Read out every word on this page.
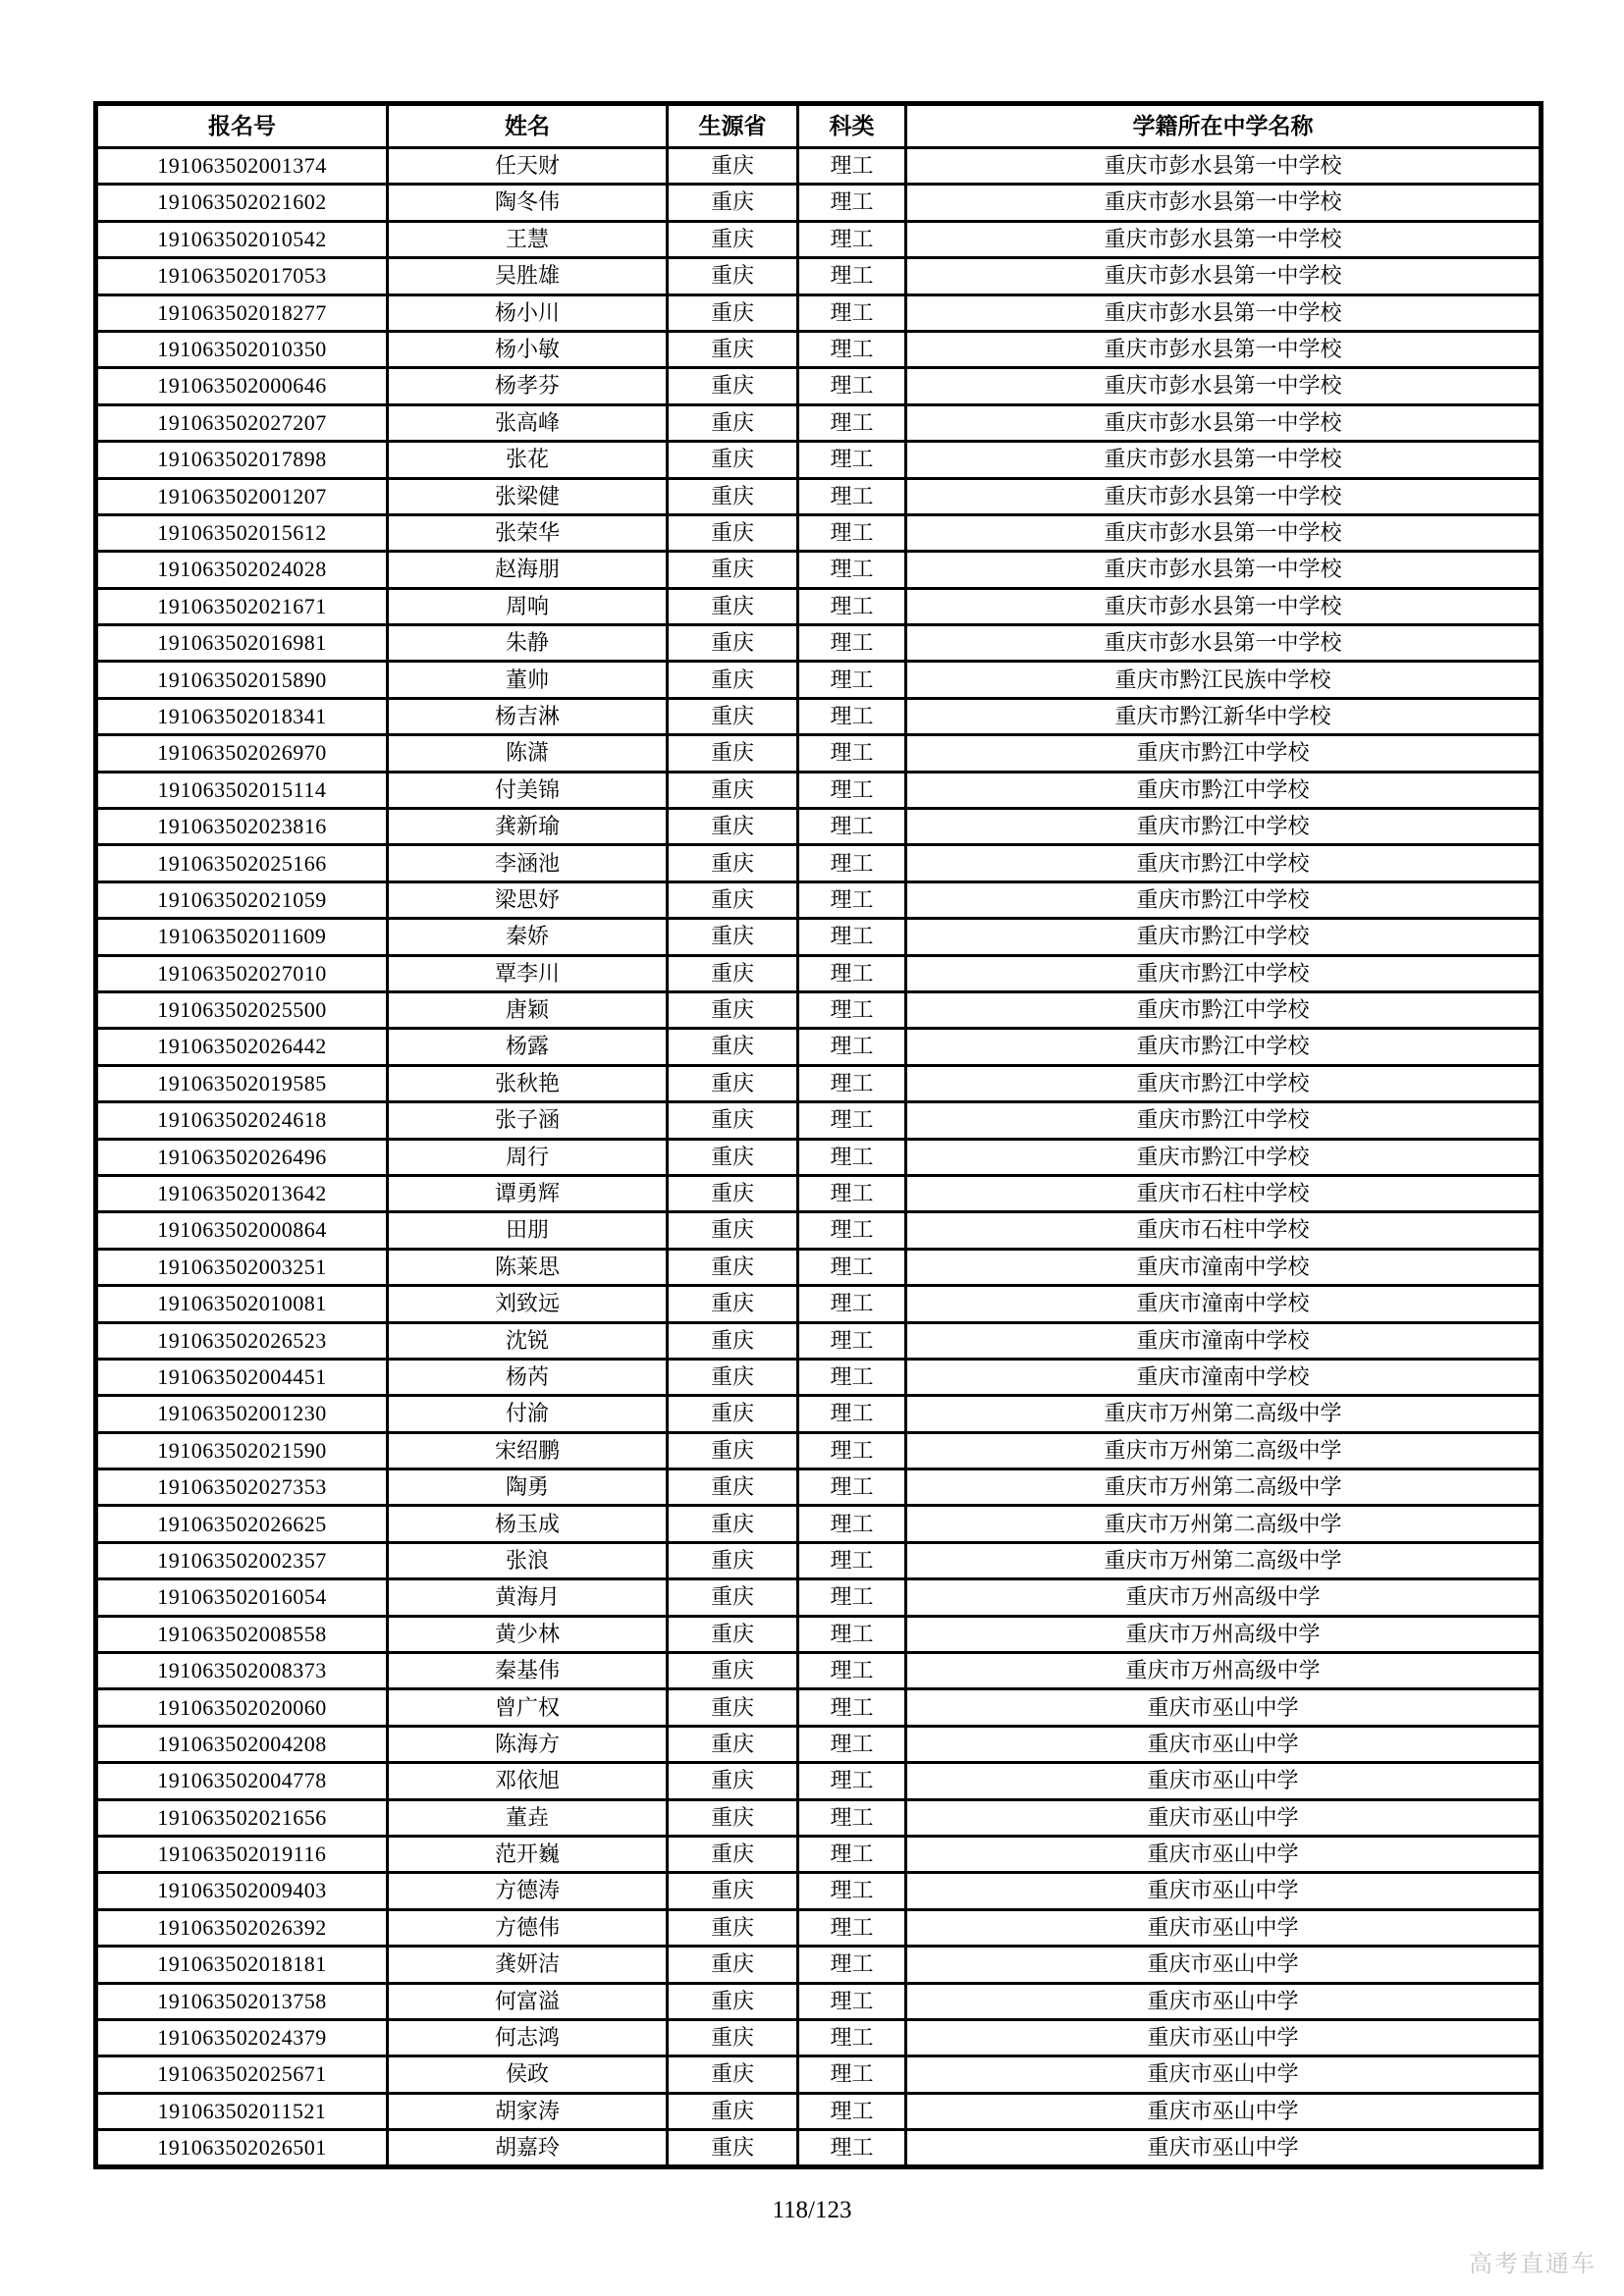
报名号	姓名	生源省	科类	学籍所在中学名称
191063502001374	任天财	重庆	理工	重庆市彭水县第一中学校
191063502021602	陶冬伟	重庆	理工	重庆市彭水县第一中学校
191063502010542	王慧	重庆	理工	重庆市彭水县第一中学校
191063502017053	吴胜雄	重庆	理工	重庆市彭水县第一中学校
191063502018277	杨小川	重庆	理工	重庆市彭水县第一中学校
191063502010350	杨小敏	重庆	理工	重庆市彭水县第一中学校
191063502000646	杨孝芬	重庆	理工	重庆市彭水县第一中学校
191063502027207	张高峰	重庆	理工	重庆市彭水县第一中学校
191063502017898	张花	重庆	理工	重庆市彭水县第一中学校
191063502001207	张梁健	重庆	理工	重庆市彭水县第一中学校
191063502015612	张荣华	重庆	理工	重庆市彭水县第一中学校
191063502024028	赵海朋	重庆	理工	重庆市彭水县第一中学校
191063502021671	周响	重庆	理工	重庆市彭水县第一中学校
191063502016981	朱静	重庆	理工	重庆市彭水县第一中学校
191063502015890	董帅	重庆	理工	重庆市黔江民族中学校
191063502018341	杨吉淋	重庆	理工	重庆市黔江新华中学校
191063502026970	陈潇	重庆	理工	重庆市黔江中学校
191063502015114	付美锦	重庆	理工	重庆市黔江中学校
191063502023816	龚新瑜	重庆	理工	重庆市黔江中学校
191063502025166	李涵池	重庆	理工	重庆市黔江中学校
191063502021059	梁思妤	重庆	理工	重庆市黔江中学校
191063502011609	秦娇	重庆	理工	重庆市黔江中学校
191063502027010	覃李川	重庆	理工	重庆市黔江中学校
191063502025500	唐颖	重庆	理工	重庆市黔江中学校
191063502026442	杨露	重庆	理工	重庆市黔江中学校
191063502019585	张秋艳	重庆	理工	重庆市黔江中学校
191063502024618	张子涵	重庆	理工	重庆市黔江中学校
191063502026496	周行	重庆	理工	重庆市黔江中学校
191063502013642	谭勇辉	重庆	理工	重庆市石柱中学校
191063502000864	田朋	重庆	理工	重庆市石柱中学校
191063502003251	陈莱思	重庆	理工	重庆市潼南中学校
191063502010081	刘致远	重庆	理工	重庆市潼南中学校
191063502026523	沈锐	重庆	理工	重庆市潼南中学校
191063502004451	杨芮	重庆	理工	重庆市潼南中学校
191063502001230	付渝	重庆	理工	重庆市万州第二高级中学
191063502021590	宋绍鹏	重庆	理工	重庆市万州第二高级中学
191063502027353	陶勇	重庆	理工	重庆市万州第二高级中学
191063502026625	杨玉成	重庆	理工	重庆市万州第二高级中学
191063502002357	张浪	重庆	理工	重庆市万州第二高级中学
191063502016054	黄海月	重庆	理工	重庆市万州高级中学
191063502008558	黄少林	重庆	理工	重庆市万州高级中学
191063502008373	秦基伟	重庆	理工	重庆市万州高级中学
191063502020060	曾广权	重庆	理工	重庆市巫山中学
191063502004208	陈海方	重庆	理工	重庆市巫山中学
191063502004778	邓依旭	重庆	理工	重庆市巫山中学
191063502021656	董垚	重庆	理工	重庆市巫山中学
191063502019116	范开巍	重庆	理工	重庆市巫山中学
191063502009403	方德涛	重庆	理工	重庆市巫山中学
191063502026392	方德伟	重庆	理工	重庆市巫山中学
191063502018181	龚妍洁	重庆	理工	重庆市巫山中学
191063502013758	何富溢	重庆	理工	重庆市巫山中学
191063502024379	何志鸿	重庆	理工	重庆市巫山中学
191063502025671	侯政	重庆	理工	重庆市巫山中学
191063502011521	胡家涛	重庆	理工	重庆市巫山中学
191063502026501	胡嘉玲	重庆	理工	重庆市巫山中学
118/123
高考直通车
